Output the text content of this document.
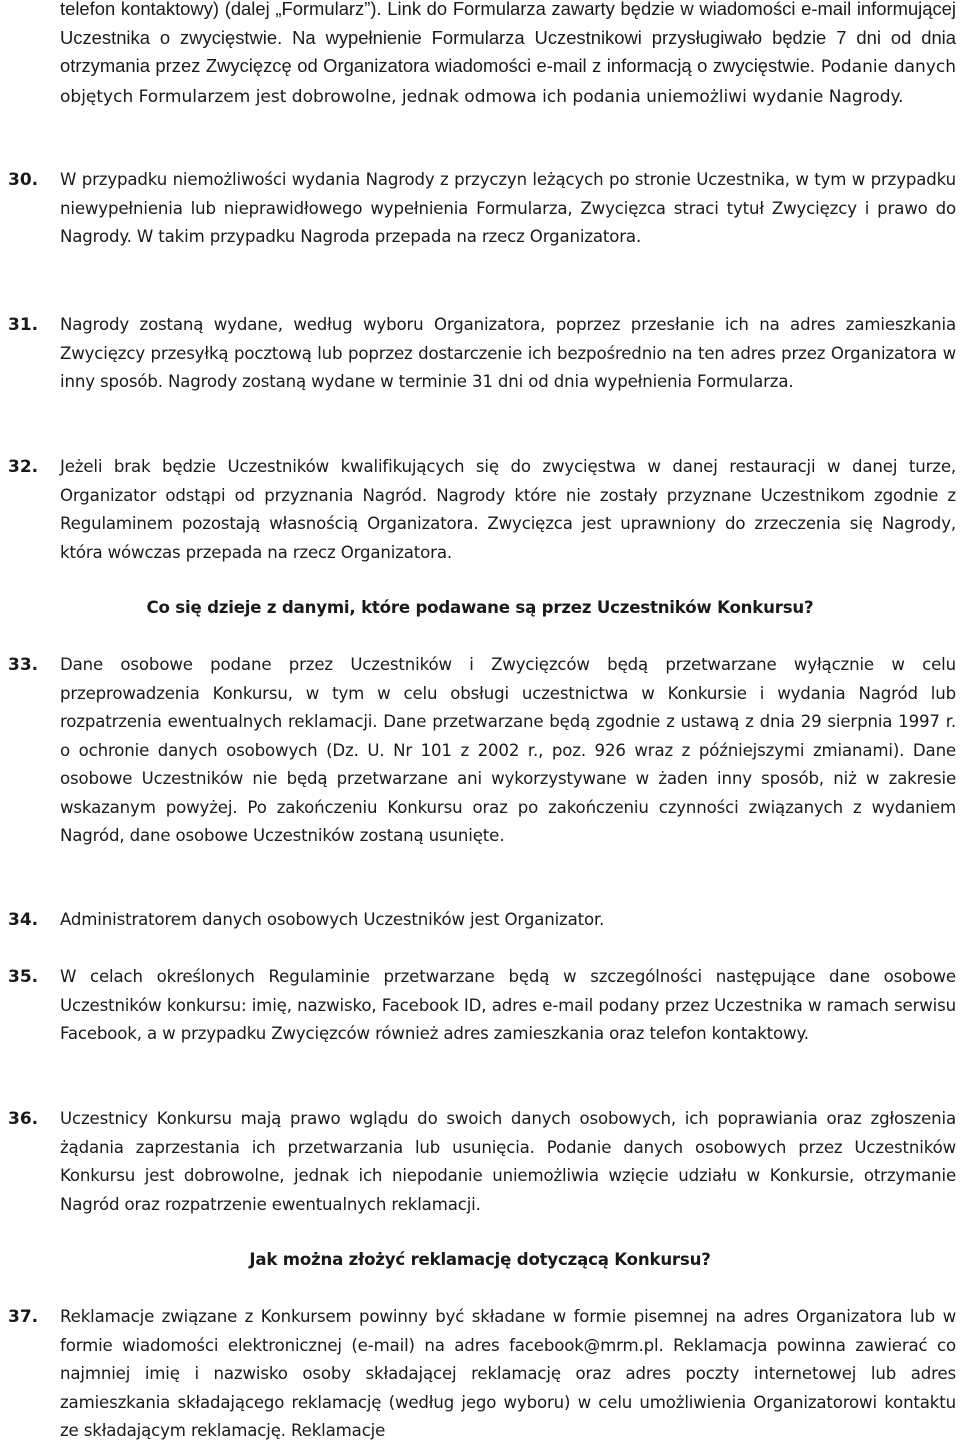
telefon kontaktowy) (dalej „Formularz”). Link do Formularza zawarty będzie w wiadomości e-mail informującej Uczestnika o zwycięstwie. Na wypełnienie Formularza Uczestnikowi przysługiwało będzie 7 dni od dnia otrzymania przez Zwycięzcę od Organizatora wiadomości e-mail z informacją o zwycięstwie. Podanie danych objętych Formularzem jest dobrowolne, jednak odmowa ich podania uniemożliwi wydanie Nagrody.

30. W przypadku niemożliwości wydania Nagrody z przyczyn leżących po stronie Uczestnika, w tym w przypadku niewypełnienia lub nieprawidłowego wypełnienia Formularza, Zwycięzca straci tytuł Zwycięzcy i prawo do Nagrody. W takim przypadku Nagroda przepada na rzecz Organizatora.

31. Nagrody zostaną wydane, według wyboru Organizatora, poprzez przesłanie ich na adres zamieszkania Zwycięzcy przesyłką pocztową lub poprzez dostarczenie ich bezpośrednio na ten adres przez Organizatora w inny sposób. Nagrody zostaną wydane w terminie 31 dni od dnia wypełnienia Formularza.

32. Jeżeli brak będzie Uczestników kwalifikujących się do zwycięstwa w danej restauracji w danej turze, Organizator odstąpi od przyznania Nagród. Nagrody które nie zostały przyznane Uczestnikom zgodnie z Regulaminem pozostają własnością Organizatora. Zwycięzca jest uprawniony do zrzeczenia się Nagrody, która wówczas przepada na rzecz Organizatora.

Co się dzieje z danymi, które podawane są przez Uczestników Konkursu?
33. Dane osobowe podane przez Uczestników i Zwycięzców będą przetwarzane wyłącznie w celu przeprowadzenia Konkursu, w tym w celu obsługi uczestnictwa w Konkursie i wydania Nagród lub rozpatrzenia ewentualnych reklamacji. Dane przetwarzane będą zgodnie z ustawą z dnia 29 sierpnia 1997 r. o ochronie danych osobowych (Dz. U. Nr 101 z 2002 r., poz. 926 wraz z późniejszymi zmianami). Dane osobowe Uczestników nie będą przetwarzane ani wykorzystywane w żaden inny sposób, niż w zakresie wskazanym powyżej. Po zakończeniu Konkursu oraz po zakończeniu czynności związanych z wydaniem Nagród, dane osobowe Uczestników zostaną usunięte.

34. Administratorem danych osobowych Uczestników jest Organizator.

35. W celach określonych Regulaminie przetwarzane będą w szczególności następujące dane osobowe Uczestników konkursu: imię, nazwisko, Facebook ID, adres e-mail podany przez Uczestnika w ramach serwisu Facebook, a w przypadku Zwycięzców również adres zamieszkania oraz telefon kontaktowy.

36. Uczestnicy Konkursu mają prawo wglądu do swoich danych osobowych, ich poprawiania oraz zgłoszenia żądania zaprzestania ich przetwarzania lub usunięcia. Podanie danych osobowych przez Uczestników Konkursu jest dobrowolne, jednak ich niepodanie uniemożliwia wzięcie udziału w Konkursie, otrzymanie Nagród oraz rozpatrzenie ewentualnych reklamacji.

Jak można złożyć reklamację dotyczącą Konkursu?
37. Reklamacje związane z Konkursem powinny być składane w formie pisemnej na adres Organizatora lub w formie wiadomości elektronicznej (e-mail) na adres facebook@mrm.pl. Reklamacja powinna zawierać co najmniej imię i nazwisko osoby składającej reklamację oraz adres poczty internetowej lub adres zamieszkania składającego reklamację (według jego wyboru) w celu umożliwienia Organizatorowi kontaktu ze składającym reklamację. Reklamacje
